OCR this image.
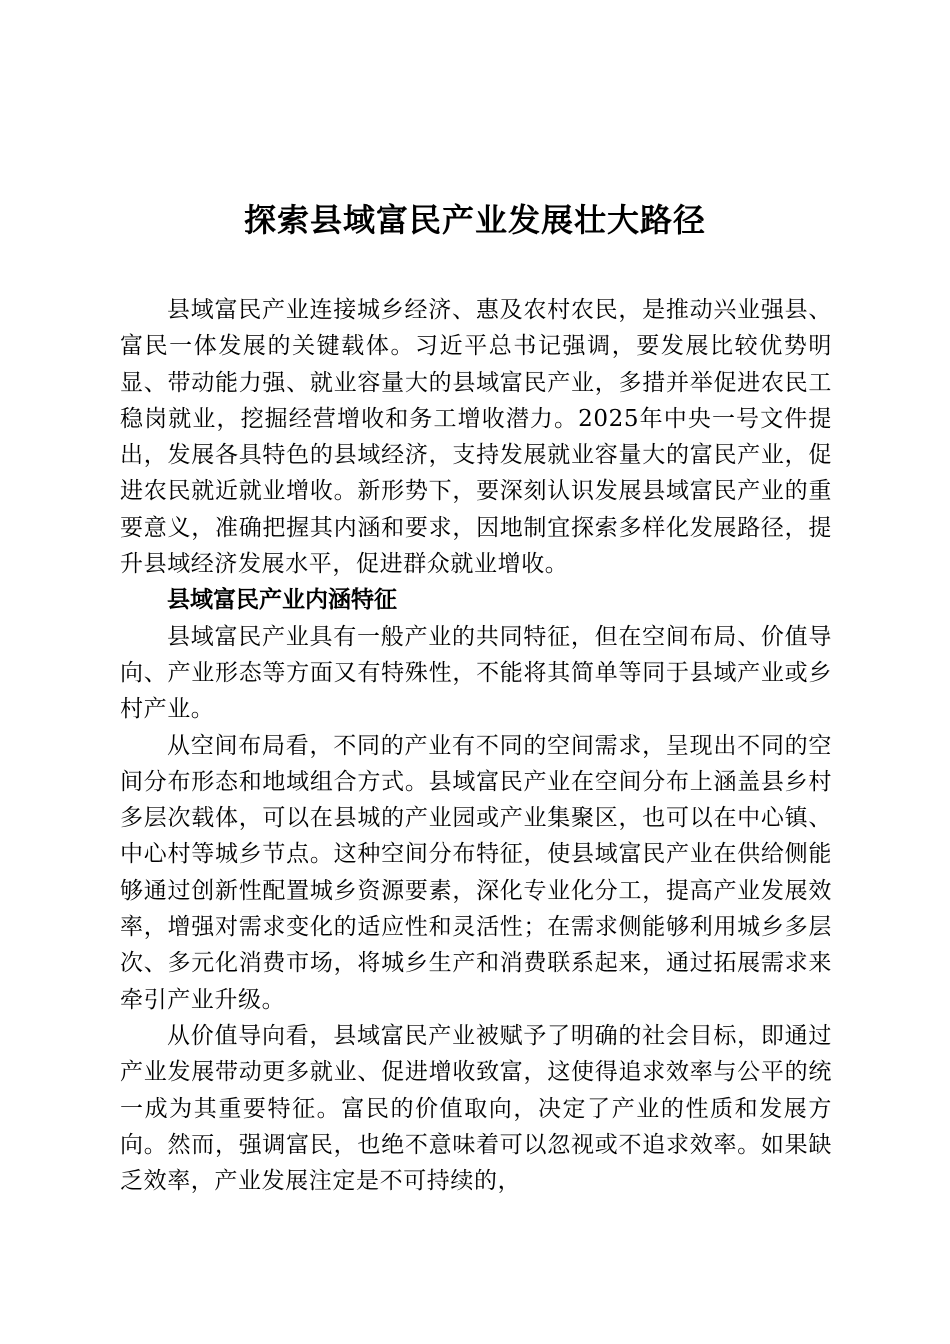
探索县域富民产业发展壮大路径

县域富民产业连接城乡经济、惠及农村农民，是推动兴业强县、富民一体发展的关键载体。习近平总书记强调，要发展比较优势明显、带动能力强、就业容量大的县域富民产业，多措并举促进农民工稳岗就业，挖掘经营增收和务工增收潜力。2025年中央一号文件提出，发展各具特色的县域经济，支持发展就业容量大的富民产业，促进农民就近就业增收。新形势下，要深刻认识发展县域富民产业的重要意义，准确把握其内涵和要求，因地制宜探索多样化发展路径，提升县域经济发展水平，促进群众就业增收。

县域富民产业内涵特征

县域富民产业具有一般产业的共同特征，但在空间布局、价值导向、产业形态等方面又有特殊性，不能将其简单等同于县域产业或乡村产业。

从空间布局看，不同的产业有不同的空间需求，呈现出不同的空间分布形态和地域组合方式。县域富民产业在空间分布上涵盖县乡村多层次载体，可以在县城的产业园或产业集聚区，也可以在中心镇、中心村等城乡节点。这种空间分布特征，使县域富民产业在供给侧能够通过创新性配置城乡资源要素，深化专业化分工，提高产业发展效率，增强对需求变化的适应性和灵活性；在需求侧能够利用城乡多层次、多元化消费市场，将城乡生产和消费联系起来，通过拓展需求来牵引产业升级。

从价值导向看，县域富民产业被赋予了明确的社会目标，即通过产业发展带动更多就业、促进增收致富，这使得追求效率与公平的统一成为其重要特征。富民的价值取向，决定了产业的性质和发展方向。然而，强调富民，也绝不意味着可以忽视或不追求效率。如果缺乏效率，产业发展注定是不可持续的，
